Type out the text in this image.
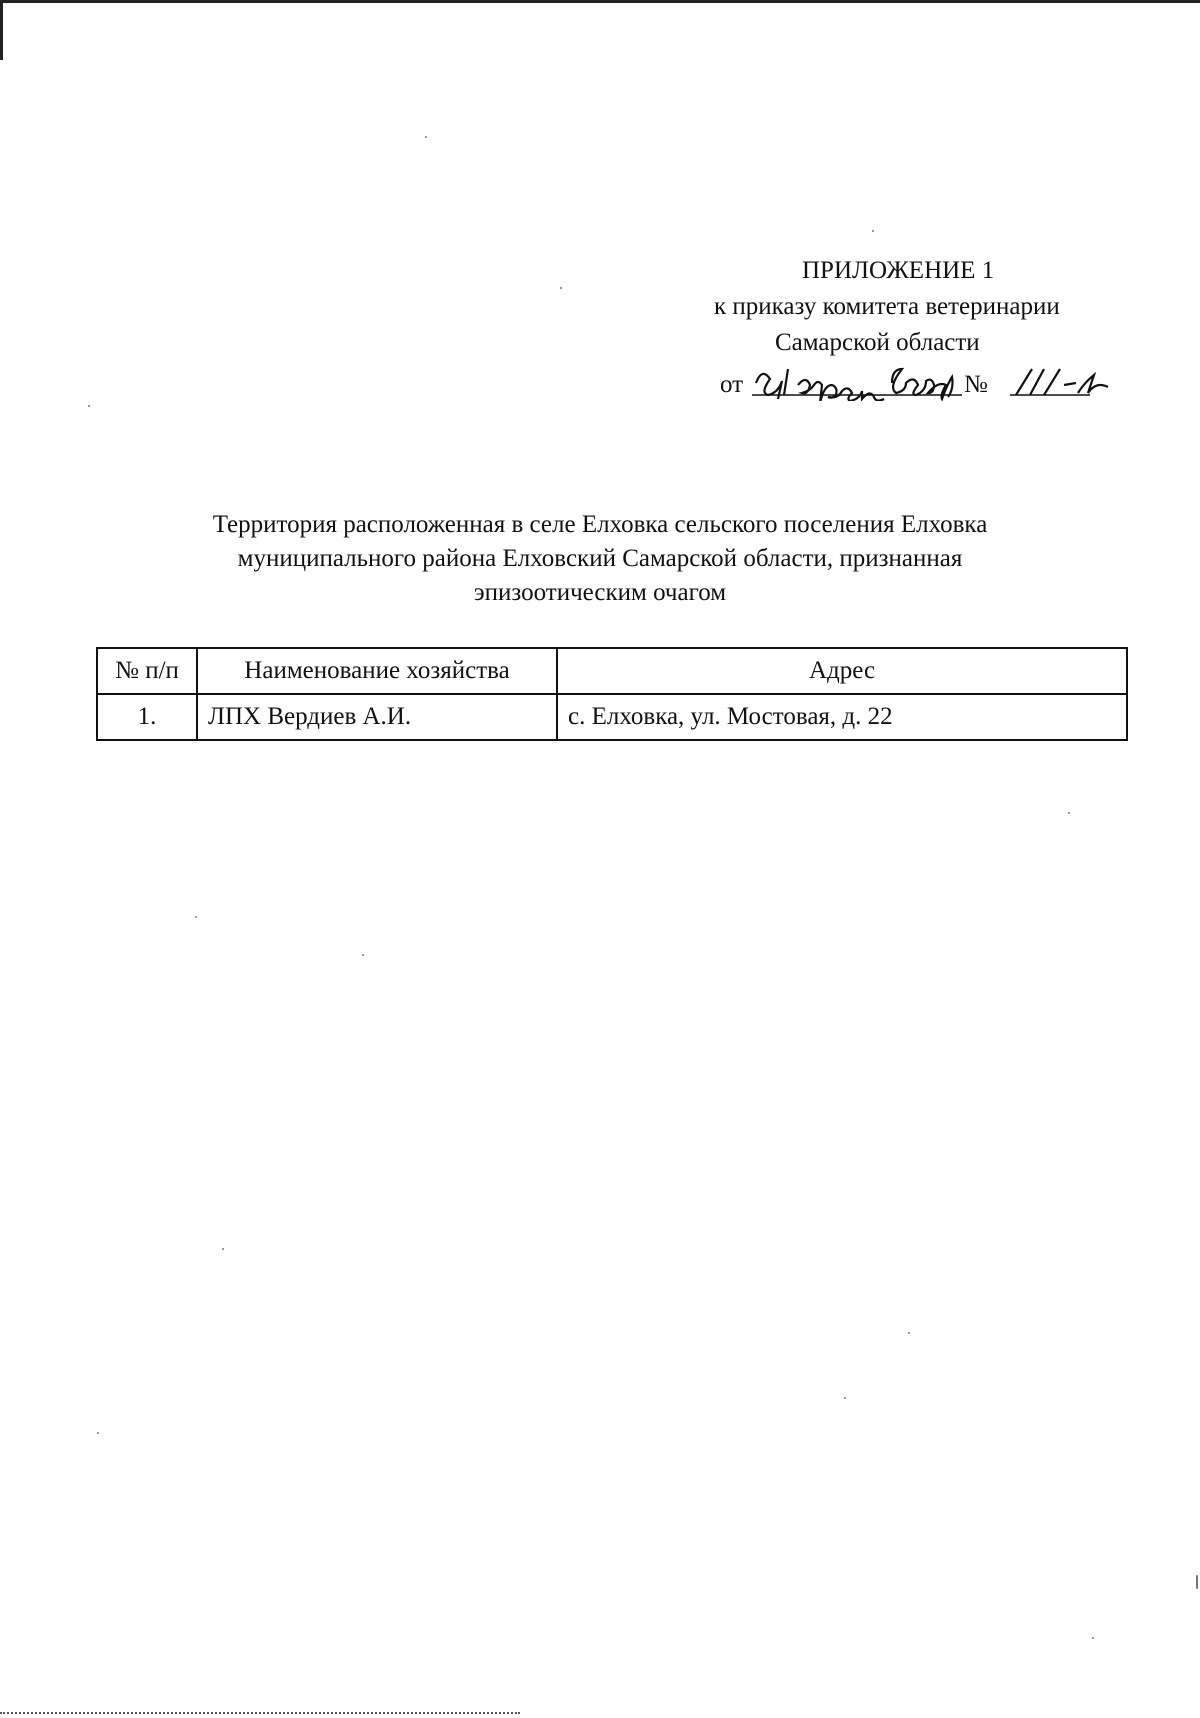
ПРИЛОЖЕНИЕ 1
к приказу комитета ветеринарии
Самарской области
от	№
Территория расположенная в селе Елховка сельского поселения Елховка
муниципального района Елховский Самарской области, признанная
эпизоотическим очагом
№ п/п	Наименование хозяйства	Адрес
1.	ЛПХ Вердиев А.И.	с. Елховка, ул. Мостовая, д. 22
